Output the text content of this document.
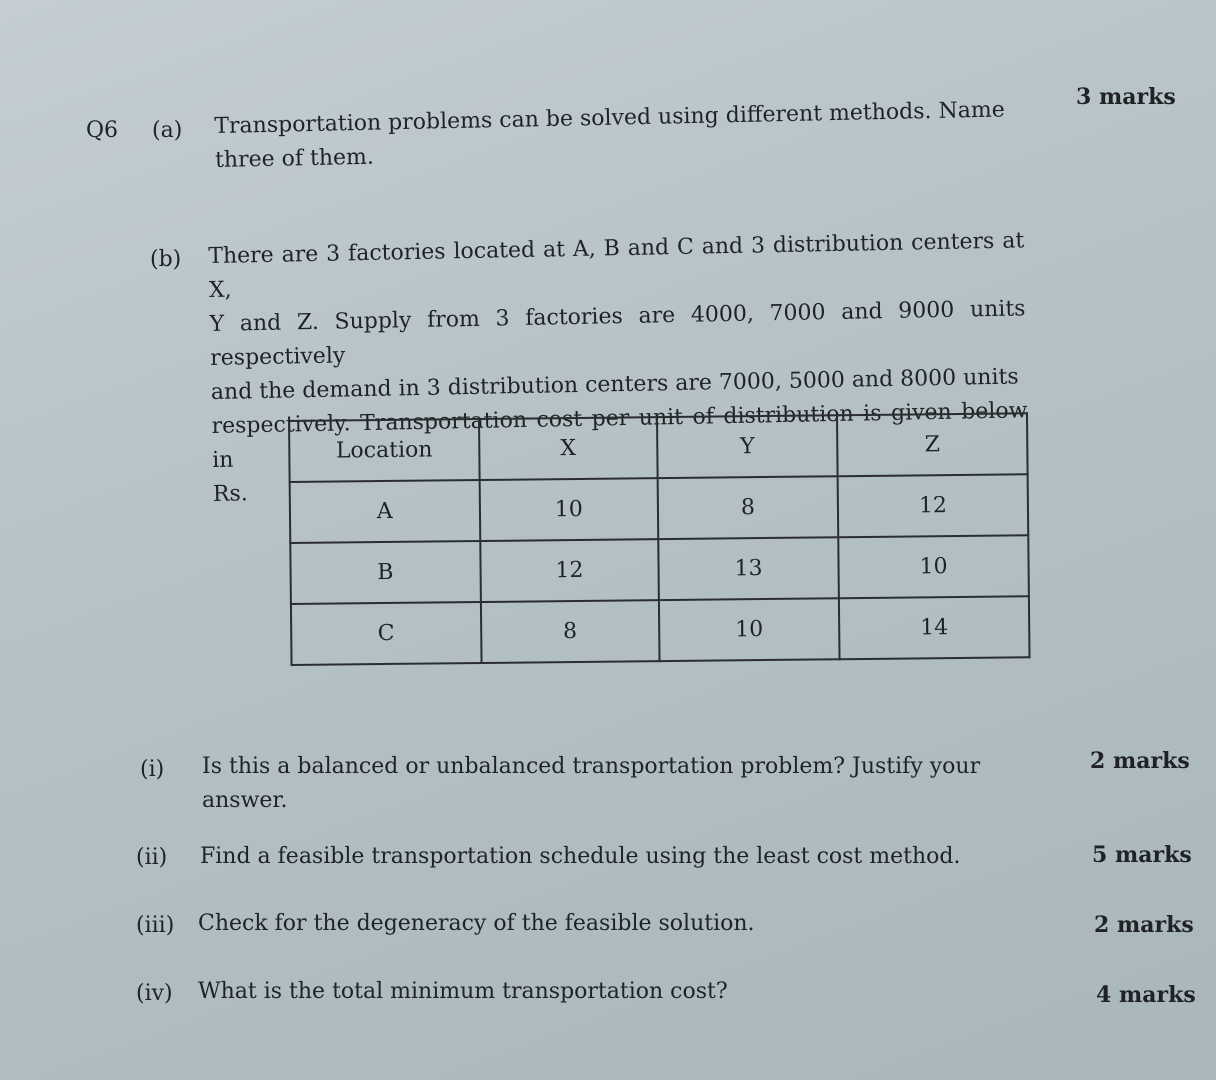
Q6 (a) Transportation problems can be solved using different methods. Name
three of them.
3 marks
(b) There are 3 factories located at A, B and C and 3 distribution centers at X,
Y and Z. Supply from 3 factories are 4000, 7000 and 9000 units respectively
and the demand in 3 distribution centers are 7000, 5000 and 8000 units
respectively. Transportation cost per unit of distribution is given below in
Rs.
Location	X	Y	Z
A	10	8	12
B	12	13	10
C	8	10	14
(i) Is this a balanced or unbalanced transportation problem? Justify your
answer.
2 marks
(ii) Find a feasible transportation schedule using the least cost method.	5 marks
(iii) Check for the degeneracy of the feasible solution.	2 marks
(iv) What is the total minimum transportation cost?	4 marks
